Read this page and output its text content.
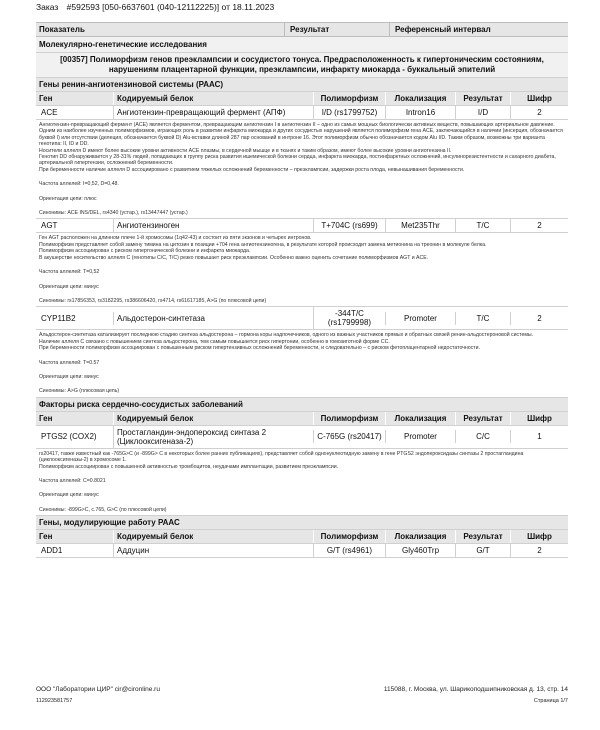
Заказ #592593 [050-6637601 (040-12112225)] от 18.11.2023
Показатель	Результат	Референсный интервал
Молекулярно-генетические исследования
[00357] Полиморфизм генов преэклампсии и сосудистого тонуса. Предрасположенность к гипертоническим состояниям, нарушениям плацентарной функции, преэклампсии, инфаркту миокарда - буккальный эпителий
Гены ренин-ангиотензиновой системы (РААС)
Ген	Кодируемый белок	Полиморфизм	Локализация	Результат	Шифр
ACE	Ангиотензин-превращающий фермент (АПФ)	I/D (rs1799752)	Intron16	I/D	2

Ангиотензин-превращающий фермент (ACE) является ферментом, превращающим ангиотензин I в ангиотензин II – одно из самых мощных биологически активных веществ, повышающих артериальное давление.

Одним из наиболее изученных полиморфизмов, играющих роль в развитии инфаркта миокарда и других сосудистых нарушений является полиморфизм гена ACE, заключающийся в наличии (инсерция, обозначается буквой I) или отсутствии (делеция, обозначается буквой D) Alu-вставки длиной 287 пар оснований в интроне 16. Этот полиморфизм обычно обозначается кодом Alu I/D. Таким образом, возможны три варианта генотипа: II, ID и DD.

Носители аллеля D имеют более высокие уровни активности ACE плазмы, в сердечной мышце и в тканях и таким образом, имеют более высокие уровни ангиотензина II.

Генотип DD обнаруживается у 28-31% людей, попадающих в группу риска развития ишемической болезни сердца, инфаркта миокарда, постинфарктных осложнений, инсулинорезистентности и сахарного диабета, артериальной гипертензии, осложнений беременности.

При беременности наличие аллеля D ассоциировано с развитием тяжелых осложнений беременности – преэклампсии, задержки роста плода, невынашивания беременности.

Частота аллелей: I=0,52, D=0,48.

Ориентация цепи: плюс

Синонимы: ACE INS/DEL, rs4340 (устар.), rs13447447 (устар.)

AGT	Ангиотензиноген	T+704C (rs699)	Met235Thr	T/C	2

Ген AGT расположен на длинном плече 1-й хромосомы (1q42-43) и состоит из пяти экзонов и четырех интронов.

Полиморфизм представляет собой замену тимина на цитозин в позиции +704 гена ангиотензиногена, в результате которой происходит замена метионина на треонин в молекуле белка.

Полиморфизм ассоциирован с риском гипертонической болезни и инфаркта миокарда.

В акушерстве носительство аллеля C (генотипы C/C, T/C) резко повышает риск преэклампсии. Особенно важно оценить сочетание полиморфизмов AGT и ACE.

Частота аллелей: T=0,52

Ориентация цепи: минус

Синонимы: rs17856353, rs3182295, rs386606420, rs4714, rs61617185, A>G (по плюсовой цепи)

CYP11B2	Альдостерон-синтетаза	-344T/C (rs1799998)	Promoter	T/C	2

Альдостерон-синтетаза катализирует последнюю стадию синтеза альдостерона – гормона коры надпочечников, одного из важных участников прямых и обратных связей ренин-альдостероновой системы.

Наличие аллеля C связано с повышением синтеза альдостерона, тем самым повышается риск гипертонии, особенно в гомозиготной форме CC.

При беременности полиморфизм ассоциирован с повышенным риском гипертензивных осложнений беременности, и следовательно – с риском фетоплацентарной недостаточности.

Частота аллелей: T=0.57

Ориентация цепи: минус

Синонимы: A>G (плюсовая цепь)

Факторы риска сердечно-сосудистых заболеваний
Ген	Кодируемый белок	Полиморфизм	Локализация	Результат	Шифр
PTGS2 (COX2)	Простагландин-эндопероксид синтаза 2 (Циклооксигеназа-2)	C-765G (rs20417)	Promoter	C/C	1

rs20417, также известный как -765G>C (и -899G> C в некоторых более ранних публикациях), представляет собой однонуклеотидную замену в гене PTGS2 эндопероксидазы синтазы 2 простагландина (циклооксигеназы-2) в хромосоме 1.

Полиморфизм ассоциирован с повышенной активностью тромбоцитов, неудачами имплантации, развитием преэклампсии.

Частота аллелей: C=0.8021

Ориентация цепи: минус

Синонимы: -899G>C, c.765, G>C (по плюсовой цепи)

Гены, модулирующие работу РААС
Ген	Кодируемый белок	Полиморфизм	Локализация	Результат	Шифр
ADD1	Аддуцин	G/T (rs4961)	Gly460Trp	G/T	2
ООО "Лаборатории ЦИР" cir@cironline.ru	115088, г. Москва, ул. Шарикоподшипниковская д. 13, стр. 14
112923581757	Страница 1/7
